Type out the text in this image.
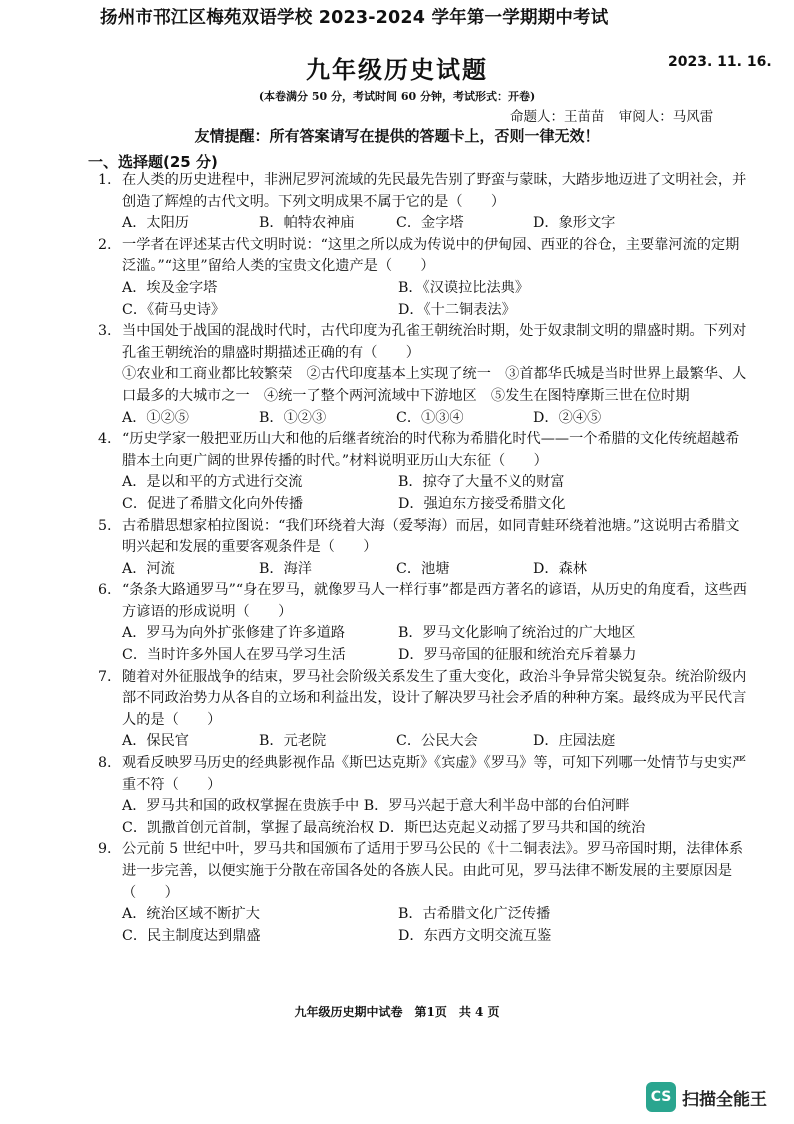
扬州市邗江区梅苑双语学校 2023-2024 学年第一学期期中考试
九年级历史试题	2023. 11. 16.
(本卷满分 50 分，考试时间 60 分钟，考试形式：开卷)
命题人：王苗苗 审阅人：马风雷
友情提醒：所有答案请写在提供的答题卡上，否则一律无效！
一、选择题(25 分)
1. 在人类的历史进程中，非洲尼罗河流域的先民最先告别了野蛮与蒙昧，大踏步地迈进了文明社会，并创造了辉煌的古代文明。下列文明成果不属于它的是（　　）
A．太阳历	B．帕特农神庙	C．金字塔	D．象形文字
2. 一学者在评述某古代文明时说：“这里之所以成为传说中的伊甸园、西亚的谷仓，主要靠河流的定期泛滥。”“这里”留给人类的宝贵文化遗产是（　　）
A．埃及金字塔	B．《汉谟拉比法典》
C．《荷马史诗》	D．《十二铜表法》
3. 当中国处于战国的混战时代时，古代印度为孔雀王朝统治时期，处于奴隶制文明的鼎盛时期。下列对孔雀王朝统治的鼎盛时期描述正确的有（　　）
①农业和工商业都比较繁荣　②古代印度基本上实现了统一　③首都华氏城是当时世界上最繁华、人口最多的大城市之一　④统一了整个两河流域中下游地区　⑤发生在图特摩斯三世在位时期
A．①②⑤	B．①②③	C．①③④	D．②④⑤
4. “历史学家一般把亚历山大和他的后继者统治的时代称为希腊化时代——一个希腊的文化传统超越希腊本土向更广阔的世界传播的时代。”材料说明亚历山大东征（　　）
A．是以和平的方式进行交流	B．掠夺了大量不义的财富
C．促进了希腊文化向外传播	D．强迫东方接受希腊文化
5. 古希腊思想家柏拉图说：“我们环绕着大海（爱琴海）而居，如同青蛙环绕着池塘。”这说明古希腊文明兴起和发展的重要客观条件是（　　）
A．河流	B．海洋	C．池塘	D．森林
6. “条条大路通罗马”“身在罗马，就像罗马人一样行事”都是西方著名的谚语，从历史的角度看，这些西方谚语的形成说明（　　）
A．罗马为向外扩张修建了许多道路	B．罗马文化影响了统治过的广大地区
C．当时许多外国人在罗马学习生活	D．罗马帝国的征服和统治充斥着暴力
7. 随着对外征服战争的结束，罗马社会阶级关系发生了重大变化，政治斗争异常尖锐复杂。统治阶级内部不同政治势力从各自的立场和利益出发，设计了解决罗马社会矛盾的种种方案。最终成为平民代言人的是（　　）
A．保民官	B．元老院	C．公民大会	D．庄园法庭
8. 观看反映罗马历史的经典影视作品《斯巴达克斯》《宾虚》《罗马》等，可知下列哪一处情节与史实严重不符（　　）
A．罗马共和国的政权掌握在贵族手中 B．罗马兴起于意大利半岛中部的台伯河畔
C．凯撒首创元首制，掌握了最高统治权 D．斯巴达克起义动摇了罗马共和国的统治
9. 公元前 5 世纪中叶，罗马共和国颁布了适用于罗马公民的《十二铜表法》。罗马帝国时期，法律体系进一步完善，以便实施于分散在帝国各处的各族人民。由此可见，罗马法律不断发展的主要原因是（　　）
A．统治区域不断扩大	B．古希腊文化广泛传播
C．民主制度达到鼎盛	D．东西方文明交流互鉴
九年级历史期中试卷　第1页　共 4 页
CS 扫描全能王
